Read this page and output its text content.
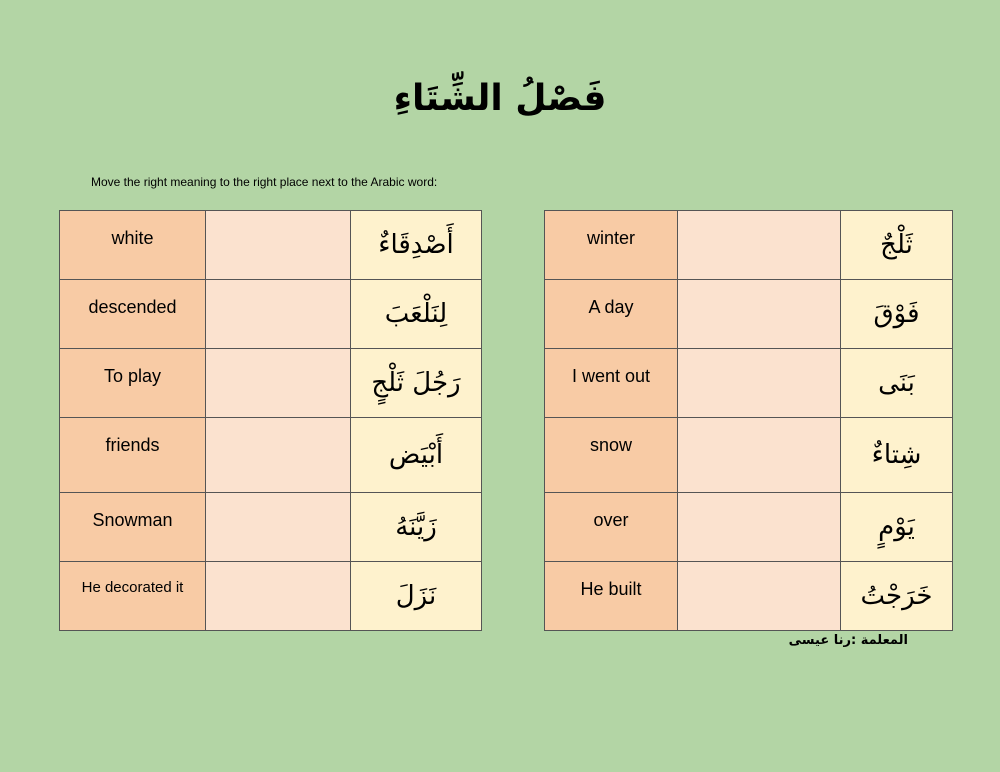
فَصْلُ الشِّتَاءِ
Move the right meaning to the right place next to the Arabic word:
white		أَصْدِقَاءٌ

descended		لِنَلْعَبَ

To play		رَجُلَ ثَلْجٍ

friends		أَبْيَض

Snowman		زَيَّنَهُ

He decorated it		نَزَلَ
winter		ثَلْجٌ

A day		فَوْقَ

I went out		بَنَى

snow		شِتاءٌ

over		يَوْمٍ

He built		خَرَجْتُ
المعلمة :رنا عيسى
